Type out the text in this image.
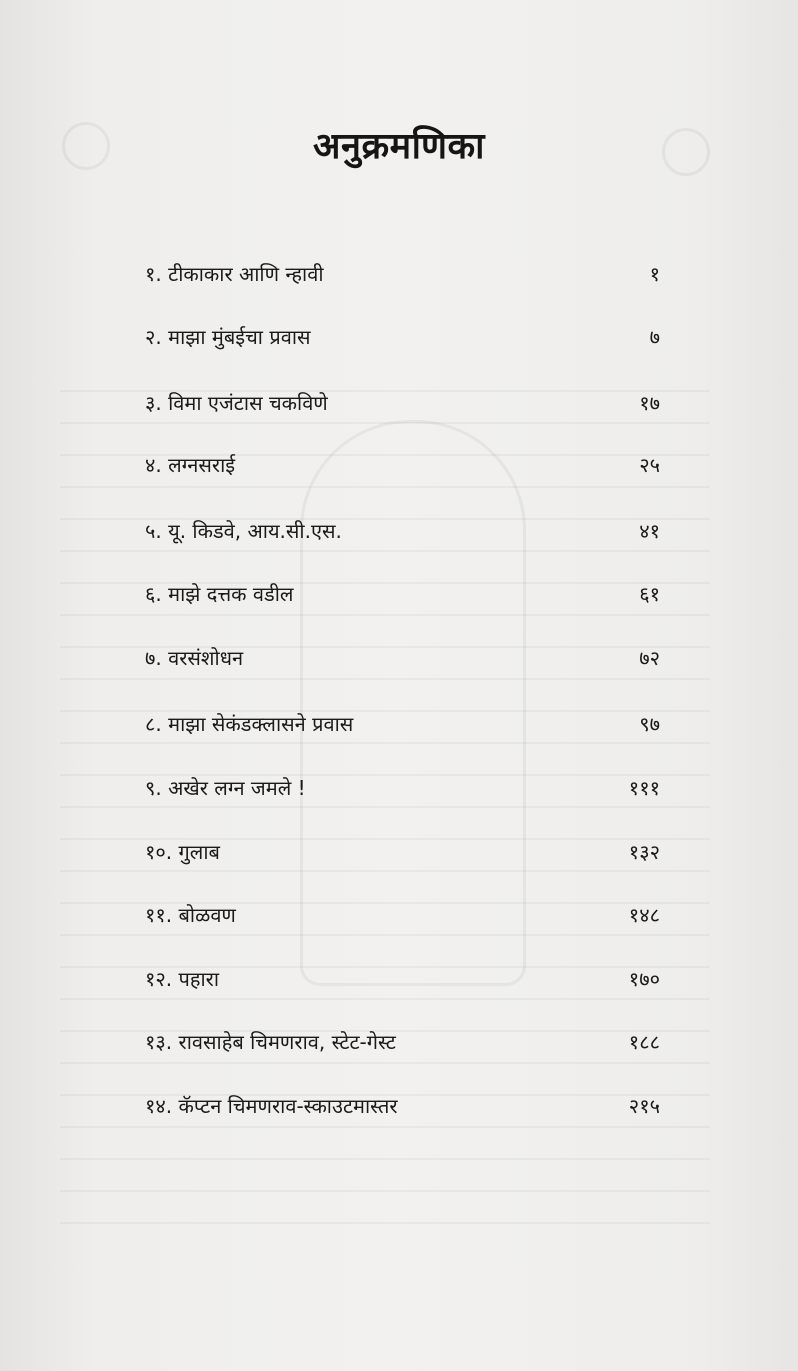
अनुक्रमणिका
१. टीकाकार आणि न्हावी	१
२. माझा मुंबईचा प्रवास	७
३. विमा एजंटास चकविणे	१७
४. लग्नसराई	२५
५. यू. किडवे, आय.सी.एस.	४१
६. माझे दत्तक वडील	६१
७. वरसंशोधन	७२
८. माझा सेकंडक्लासने प्रवास	९७
९. अखेर लग्न जमले !	१११
१०. गुलाब	१३२
११. बोळवण	१४८
१२. पहारा	१७०
१३. रावसाहेब चिमणराव, स्टेट-गेस्ट	१८८
१४. कॅप्टन चिमणराव-स्काउटमास्तर	२१५
